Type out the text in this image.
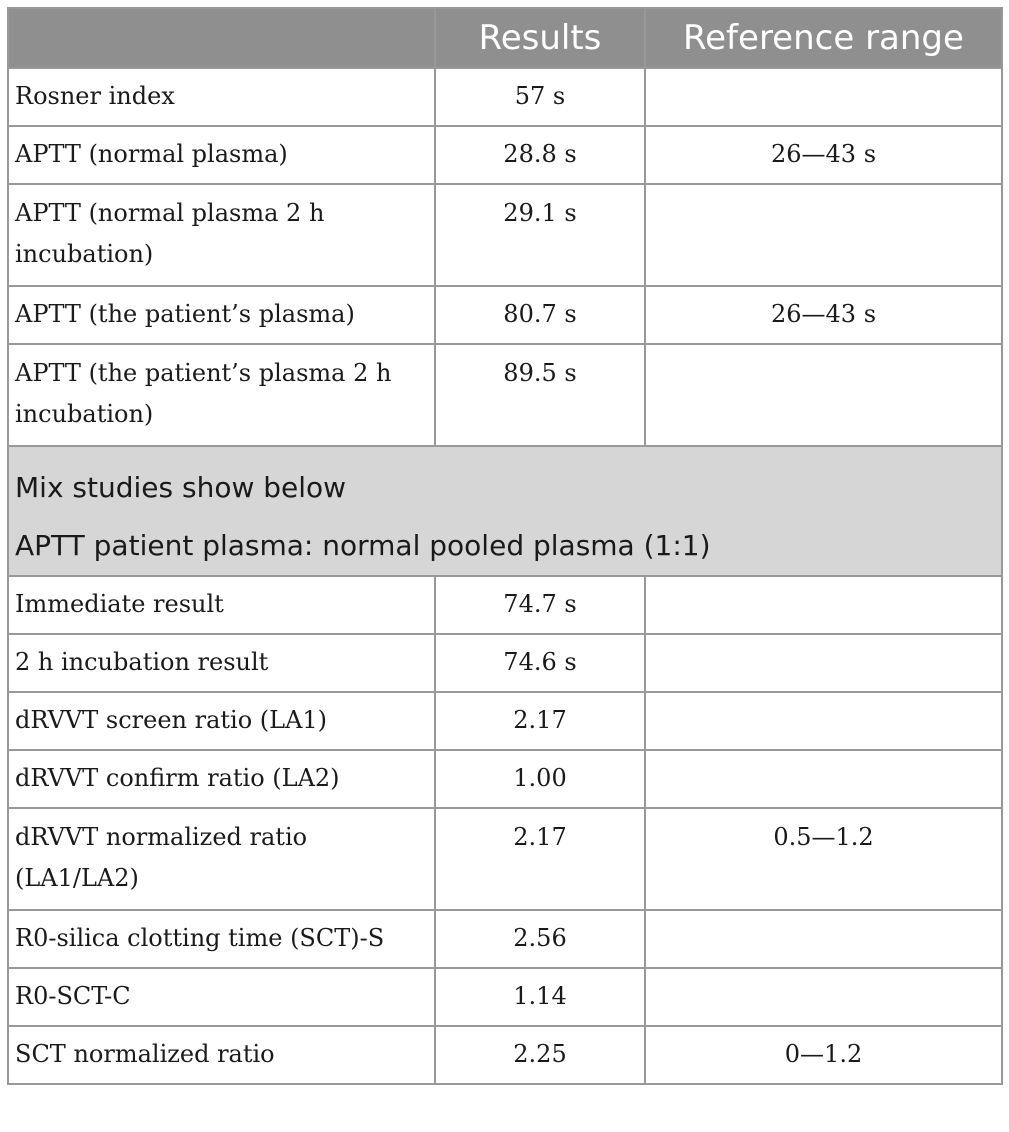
	Results	Reference range
Rosner index	57 s	
APTT (normal plasma)	28.8 s	26—43 s
APTT (normal plasma 2 h incubation)	29.1 s	
APTT (the patient’s plasma)	80.7 s	26—43 s
APTT (the patient’s plasma 2 h incubation)	89.5 s	

Mix studies show below
APTT patient plasma: normal pooled plasma (1:1)		

Immediate result	74.7 s	
2 h incubation result	74.6 s	
dRVVT screen ratio (LA1)	2.17	
dRVVT confirm ratio (LA2)	1.00	
dRVVT normalized ratio (LA1/LA2)	2.17	0.5—1.2
R0-silica clotting time (SCT)-S	2.56	
R0-SCT-C	1.14	
SCT normalized ratio	2.25	0—1.2
